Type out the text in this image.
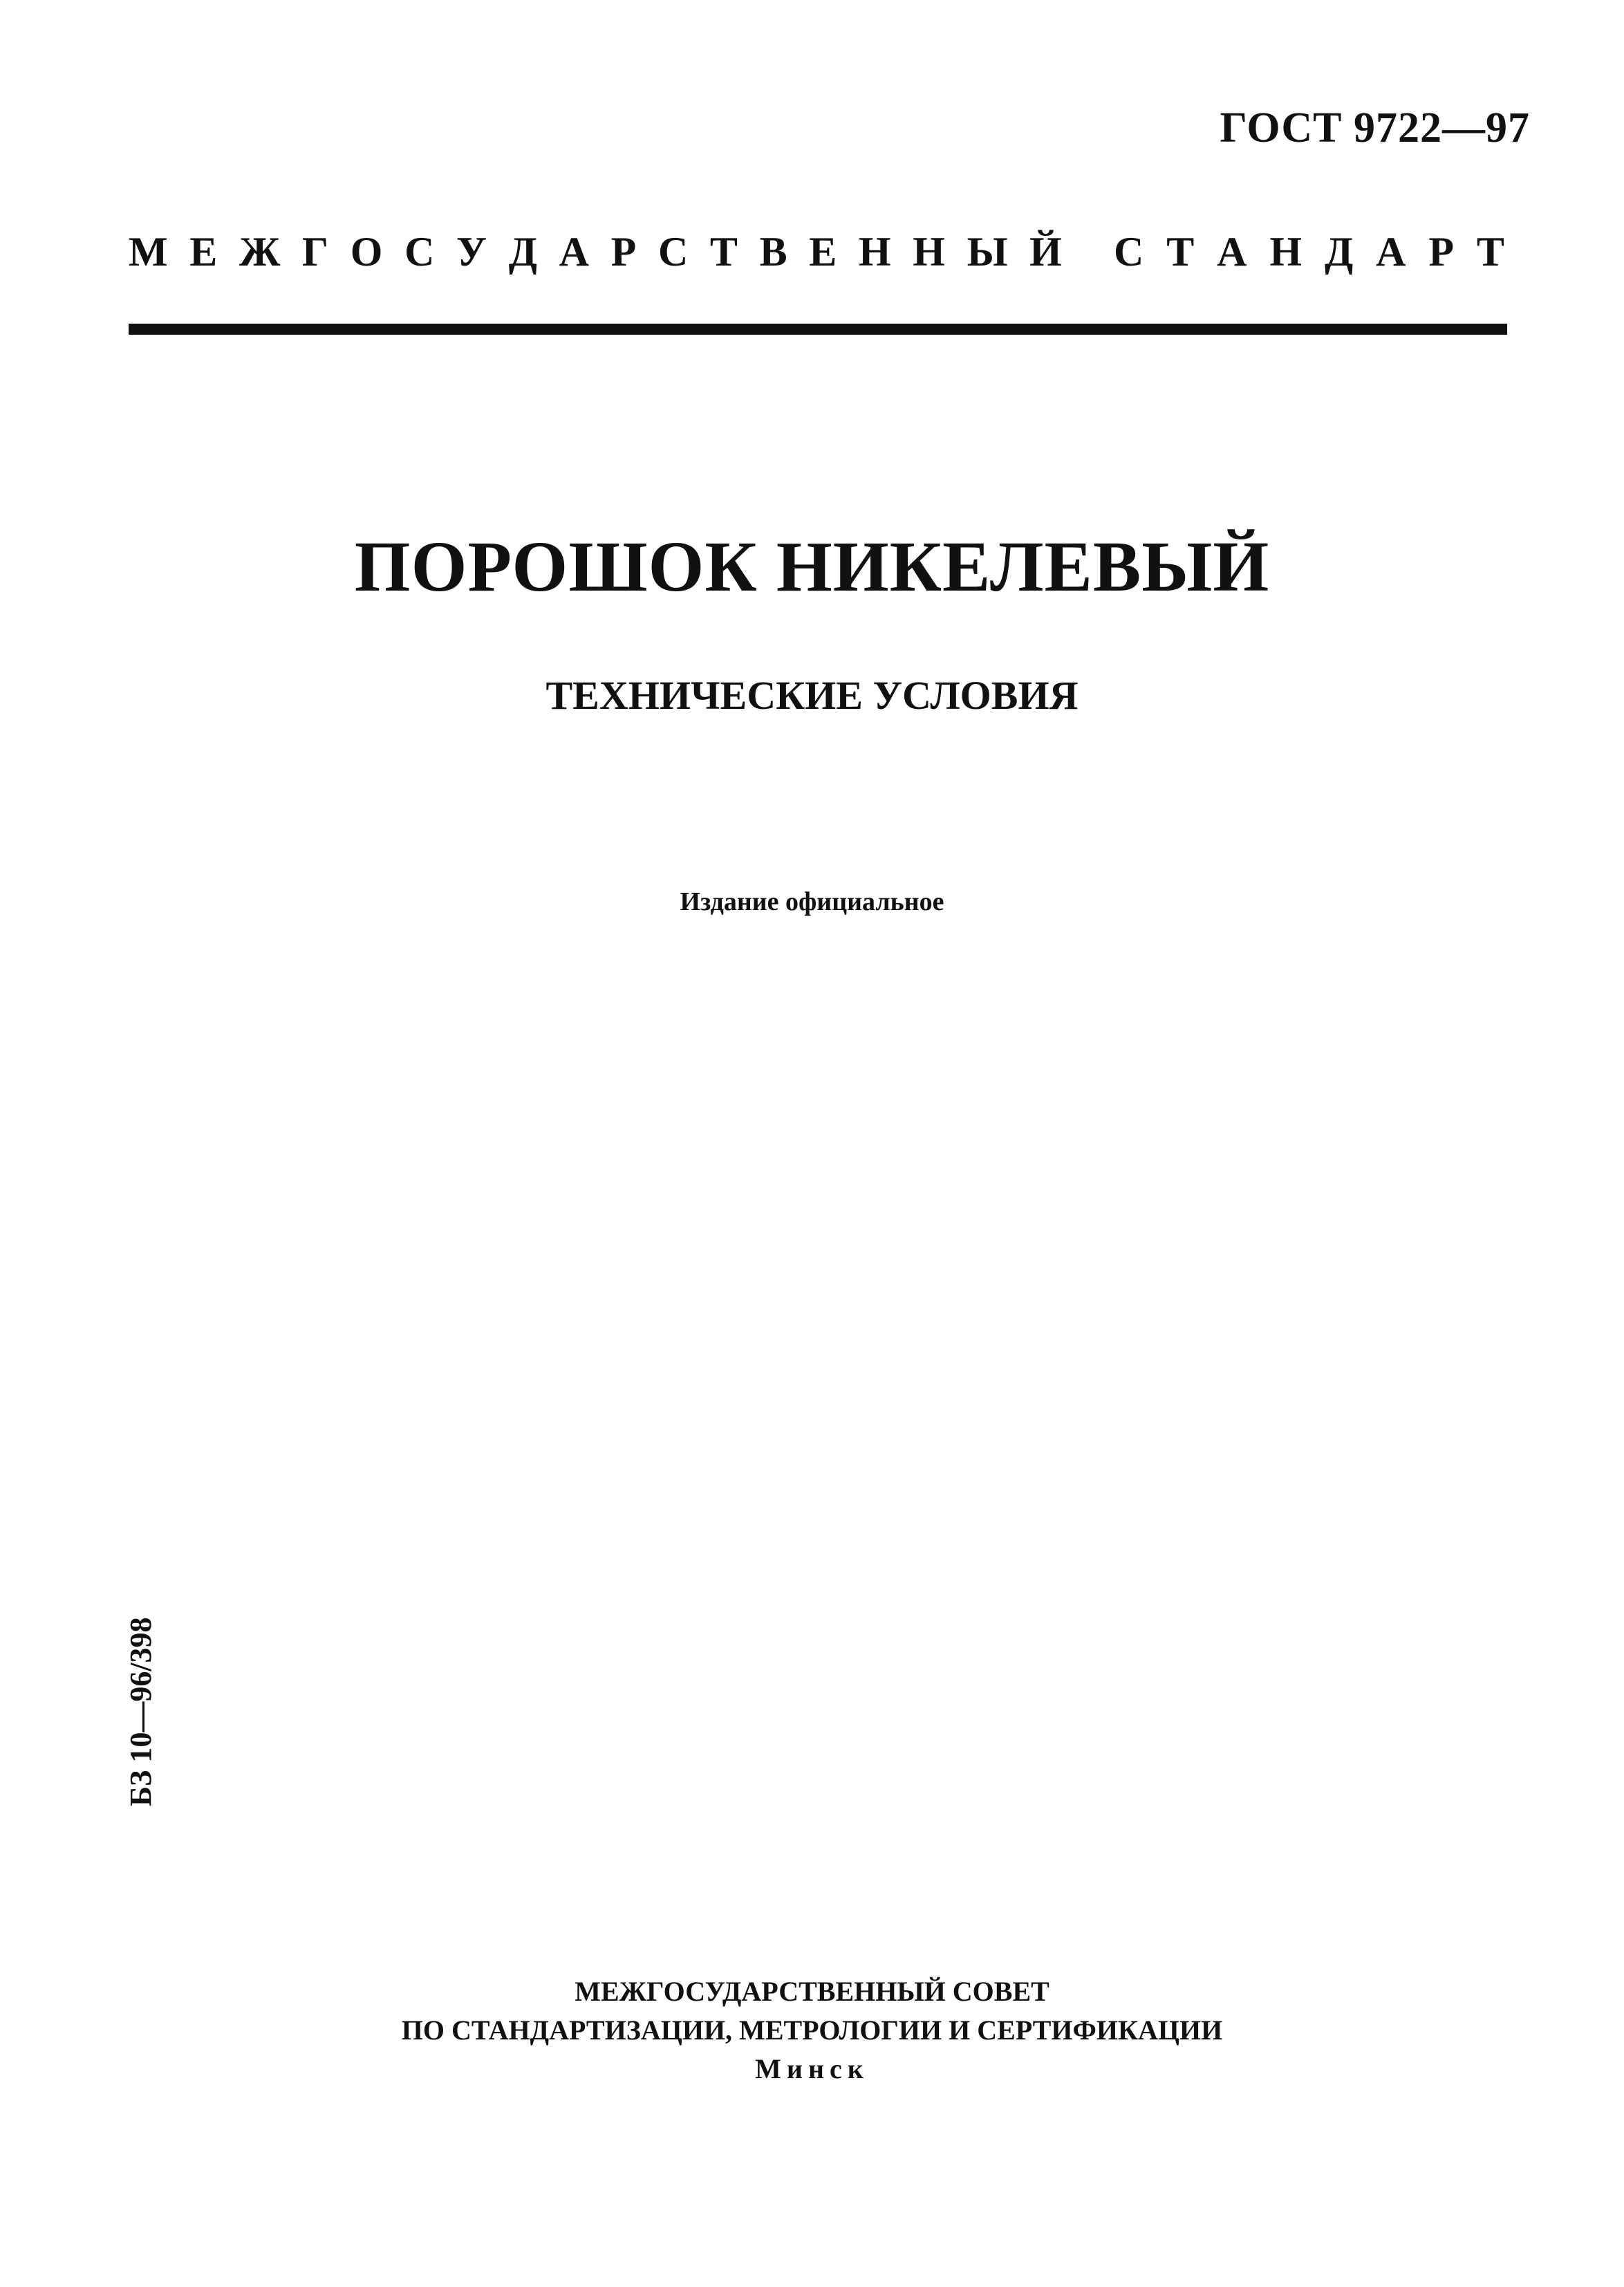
ГОСТ 9722—97
М Е Ж Г О С У Д А Р С Т В Е Н Н Ы Й С Т А Н Д А Р Т
ПОРОШОК НИКЕЛЕВЫЙ
ТЕХНИЧЕСКИЕ УСЛОВИЯ
Издание официальное
БЗ 10—96/398
МЕЖГОСУДАРСТВЕННЫЙ СОВЕТ
ПО СТАНДАРТИЗАЦИИ, МЕТРОЛОГИИ И СЕРТИФИКАЦИИ
Минск
